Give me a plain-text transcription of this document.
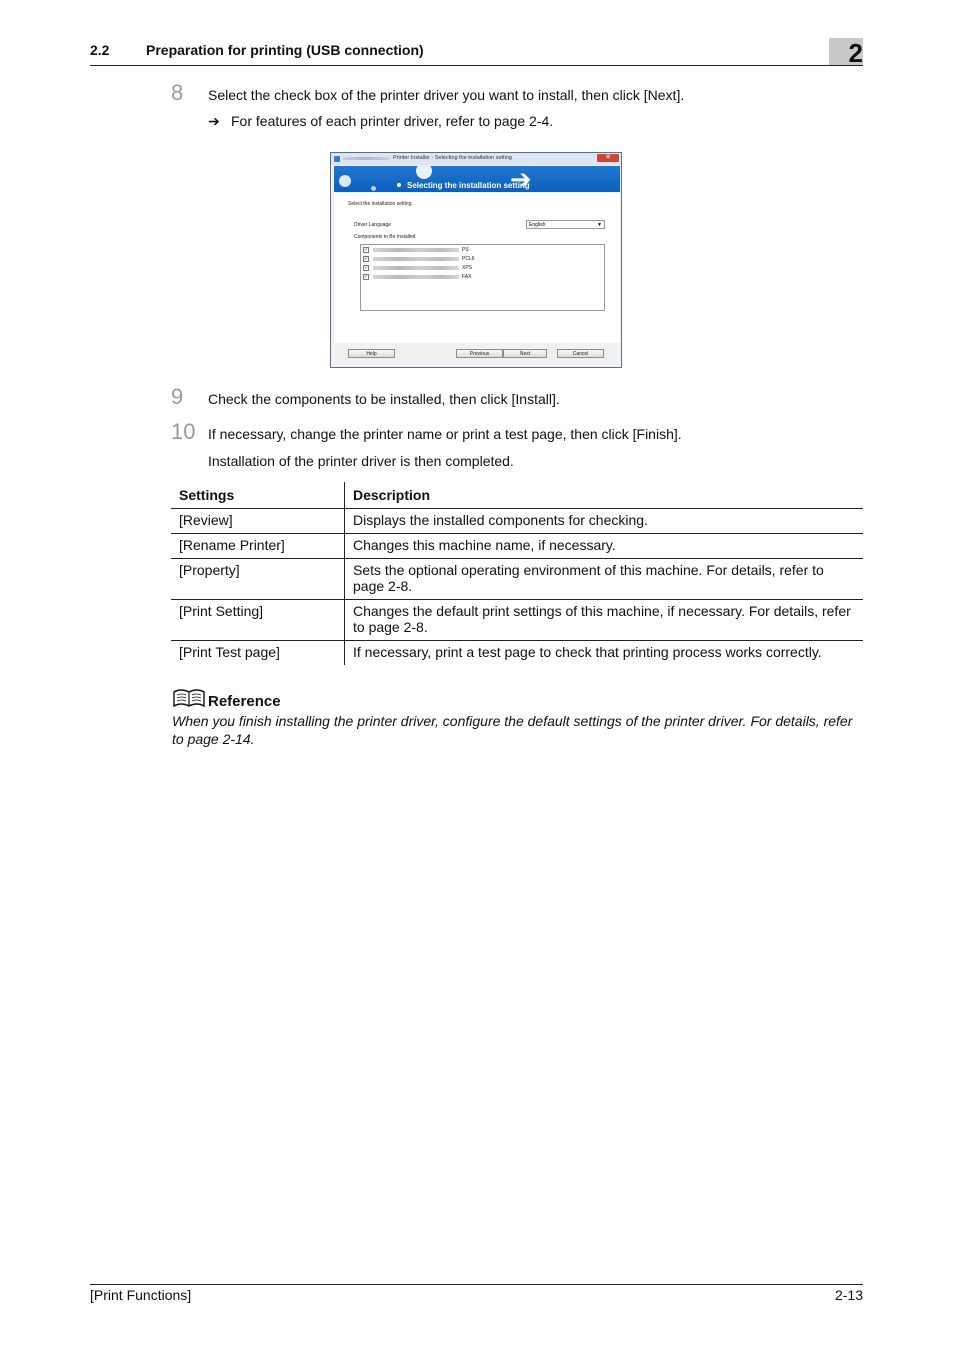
2.2	Preparation for printing (USB connection)	2
8 Select the check box of the printer driver you want to install, then click [Next].
➔ For features of each printer driver, refer to page 2-4.
Printer Installer - Selecting the installation setting	✕
Selecting the installation setting
➔
Select the installation setting.
Driver Language	English	▼
Components to Be Installed
✓	PS
✓	PCL6
✓	XPS
✓	FAX
Help	Previous	Next	Cancel
9 Check the components to be installed, then click [Install].
10 If necessary, change the printer name or print a test page, then click [Finish].
Installation of the printer driver is then completed.
Settings	Description
[Review]	Displays the installed components for checking.
[Rename Printer]	Changes this machine name, if necessary.
[Property]	Sets the optional operating environment of this machine. For details, refer to page 2-8.
[Print Setting]	Changes the default print settings of this machine, if necessary. For details, refer to page 2-8.
[Print Test page]	If necessary, print a test page to check that printing process works correctly.
Reference
When you finish installing the printer driver, configure the default settings of the printer driver. For details, refer to page 2-14.
[Print Functions]	2-13
